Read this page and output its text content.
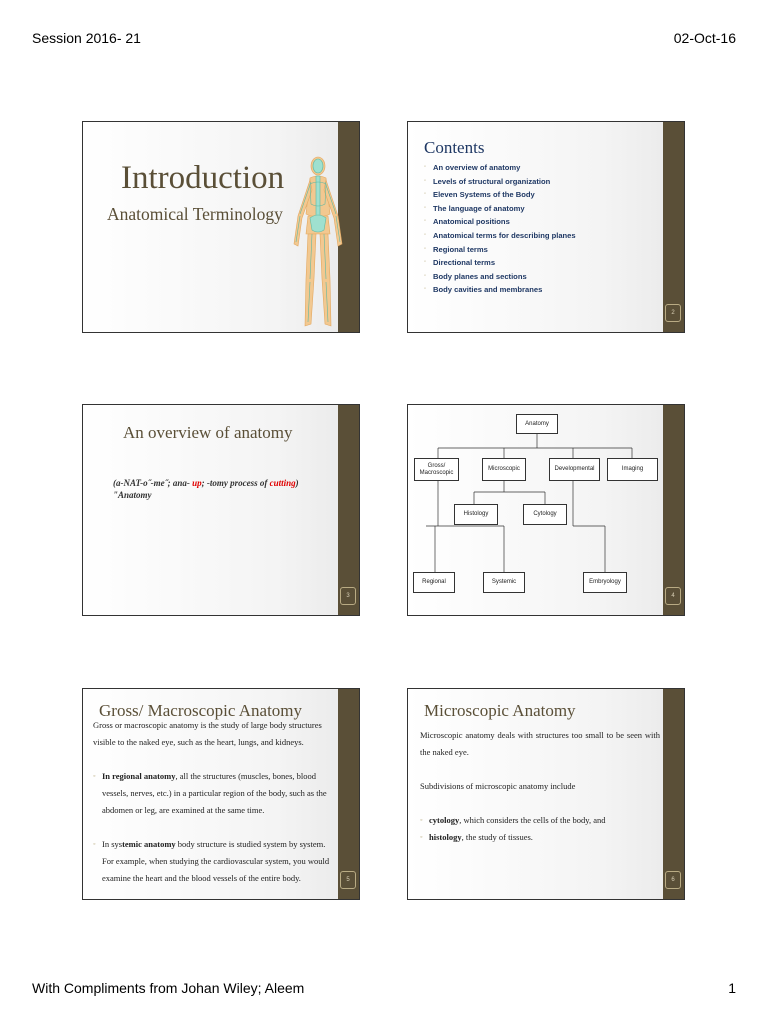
Session 2016- 21	02-Oct-16
Introduction
Anatomical Terminology
Contents
◦ An overview of anatomy
◦ Levels of structural organization
◦ Eleven Systems of the Body
◦ The language of anatomy
◦ Anatomical positions
◦ Anatomical terms for describing planes
◦ Regional terms
◦ Directional terms
◦ Body planes and sections
◦ Body cavities and membranes
2
An overview of anatomy
(a-NAT-o˝-me˝; ana- up; -tomy process of cutting)
"Anatomy
3
Anatomy
Gross/ Macroscopic
Microscopic	Developmental	Imaging
Histology	Cytology
Regional	Systemic	Embryology
4
Gross/ Macroscopic Anatomy
Gross or macroscopic anatomy is the study of large body structures visible to the naked eye, such as the heart, lungs, and kidneys.
◦ In regional anatomy, all the structures (muscles, bones, blood vessels, nerves, etc.) in a particular region of the body, such as the abdomen or leg, are examined at the same time.
◦ In systemic anatomy body structure is studied system by system. For example, when studying the cardiovascular system, you would examine the heart and the blood vessels of the entire body.	5
Microscopic Anatomy
Microscopic anatomy deals with structures too small to be seen with the naked eye.
Subdivisions of microscopic anatomy include
◦ cytology, which considers the cells of the body, and
◦ histology, the study of tissues.
6
With Compliments from Johan Wiley; Aleem	1
